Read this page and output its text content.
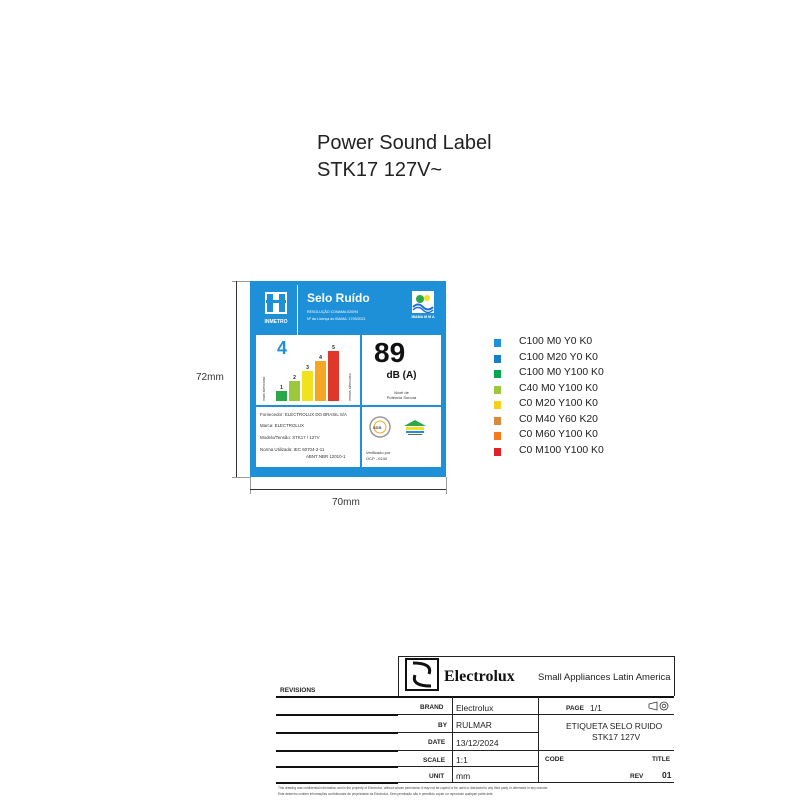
Power Sound Label
STK17 127V~
72mm
70mm
INMETRO
Selo Ruído
RESOLUÇÃO CONAMA 020/94
Nº da Licença do IBAMA: 1793/2021	IBAMA M M A
4
mais silencioso	menos silencioso
1
2
3
4
5 89
dB (A)
Nível de
Potência Sonora
Fornecedor: ELECTROLUX DO BRASIL S/A
Marca: ELECTROLUX
Modelo/Tensão: STK17 / 127V
Norma Utilizada: IEC 60704-2-11
ABNT NBR 12010-1
SGS
Verificado por
OCP - 0240
C100 M0 Y0 K0
C100 M20 Y0 K0
C100 M0 Y100 K0
C40 M0 Y100 K0
C0 M20 Y100 K0
C0 M40 Y60 K20
C0 M60 Y100 K0
C0 M100 Y100 K0
Electrolux Small Appliances Latin America
REVISIONS
BRAND Electrolux
BY RULMAR
DATE 13/12/2024
SCALE 1:1
UNIT mm
PAGE 1/1
ETIQUETA SELO RUIDO
STK17 127V
CODE	TITLE
REV 01
This drawing was confidential information and is the property of Electrolux, without whose permission it may not be copied or be used or disclosed to any third party or otherwise in any manner.
Este desenho contém informações confidenciais de propriedade da Electrolux. Sem permissão não é permitido copiar ou reproduzir qualquer parte dele.
